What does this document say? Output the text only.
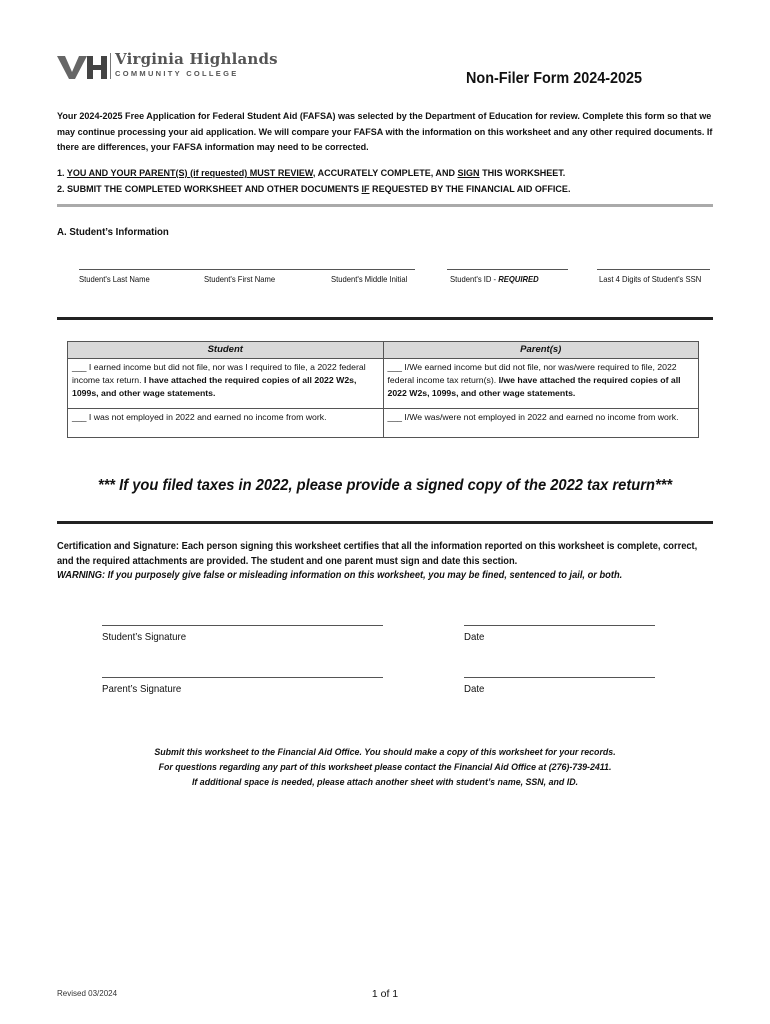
Virginia Highlands
COMMUNITY COLLEGE	Non-Filer Form 2024-2025
Your 2024-2025 Free Application for Federal Student Aid (FAFSA) was selected by the Department of Education for review. Complete this form so that we may continue processing your aid application. We will compare your FAFSA with the information on this worksheet and any other required documents. If there are differences, your FAFSA information may need to be corrected.
1. YOU AND YOUR PARENT(S) (if requested) MUST REVIEW, ACCURATELY COMPLETE, AND SIGN THIS WORKSHEET.
2. SUBMIT THE COMPLETED WORKSHEET AND OTHER DOCUMENTS IF REQUESTED BY THE FINANCIAL AID OFFICE.
A. Student’s Information
Student's Last Name	Student's First Name	Student's Middle Initial	Student's ID - REQUIRED	Last 4 Digits of Student's SSN
Student	Parent(s)
___ I earned income but did not file, nor was I required to file, a 2022 federal income tax return. I have attached the required copies of all 2022 W2s, 1099s, and other wage statements.	___ I/We earned income but did not file, nor was/were required to file, 2022 federal income tax return(s). I/we have attached the required copies of all 2022 W2s, 1099s, and other wage statements.
___ I was not employed in 2022 and earned no income from work.	___ I/We was/were not employed in 2022 and earned no income from work.
*** If you filed taxes in 2022, please provide a signed copy of the 2022 tax return***
Certification and Signature: Each person signing this worksheet certifies that all the information reported on this worksheet is complete, correct, and the required attachments are provided. The student and one parent must sign and date this section.
WARNING: If you purposely give false or misleading information on this worksheet, you may be fined, sentenced to jail, or both.
Student’s Signature	Date
Parent’s Signature	Date
Submit this worksheet to the Financial Aid Office. You should make a copy of this worksheet for your records.
For questions regarding any part of this worksheet please contact the Financial Aid Office at (276)-739-2411.
If additional space is needed, please attach another sheet with student’s name, SSN, and ID.
Revised 03/2024	1 of 1
